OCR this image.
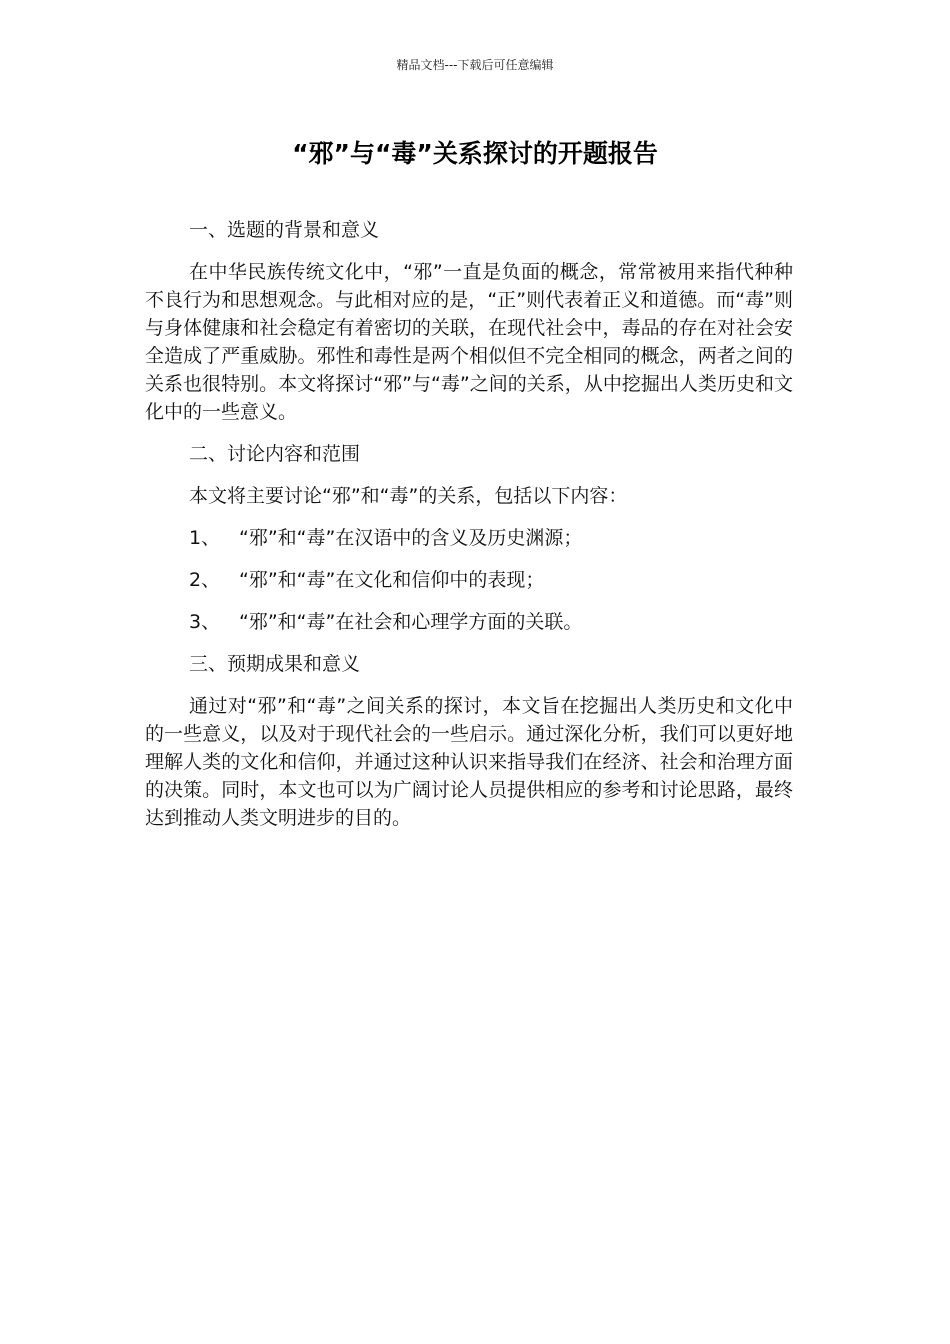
精品文档---下载后可任意编辑
“邪”与“毒”关系探讨的开题报告

一、选题的背景和意义

在中华民族传统文化中，“邪”一直是负面的概念，常常被用来指代种种不良行为和思想观念。与此相对应的是，“正”则代表着正义和道德。而“毒”则与身体健康和社会稳定有着密切的关联，在现代社会中，毒品的存在对社会安全造成了严重威胁。邪性和毒性是两个相似但不完全相同的概念，两者之间的关系也很特别。本文将探讨“邪”与“毒”之间的关系，从中挖掘出人类历史和文化中的一些意义。

二、讨论内容和范围

本文将主要讨论“邪”和“毒”的关系，包括以下内容：

1、 “邪”和“毒”在汉语中的含义及历史渊源；
2、 “邪”和“毒”在文化和信仰中的表现；
3、 “邪”和“毒”在社会和心理学方面的关联。

三、预期成果和意义

通过对“邪”和“毒”之间关系的探讨，本文旨在挖掘出人类历史和文化中的一些意义，以及对于现代社会的一些启示。通过深化分析，我们可以更好地理解人类的文化和信仰，并通过这种认识来指导我们在经济、社会和治理方面的决策。同时，本文也可以为广阔讨论人员提供相应的参考和讨论思路，最终达到推动人类文明进步的目的。
